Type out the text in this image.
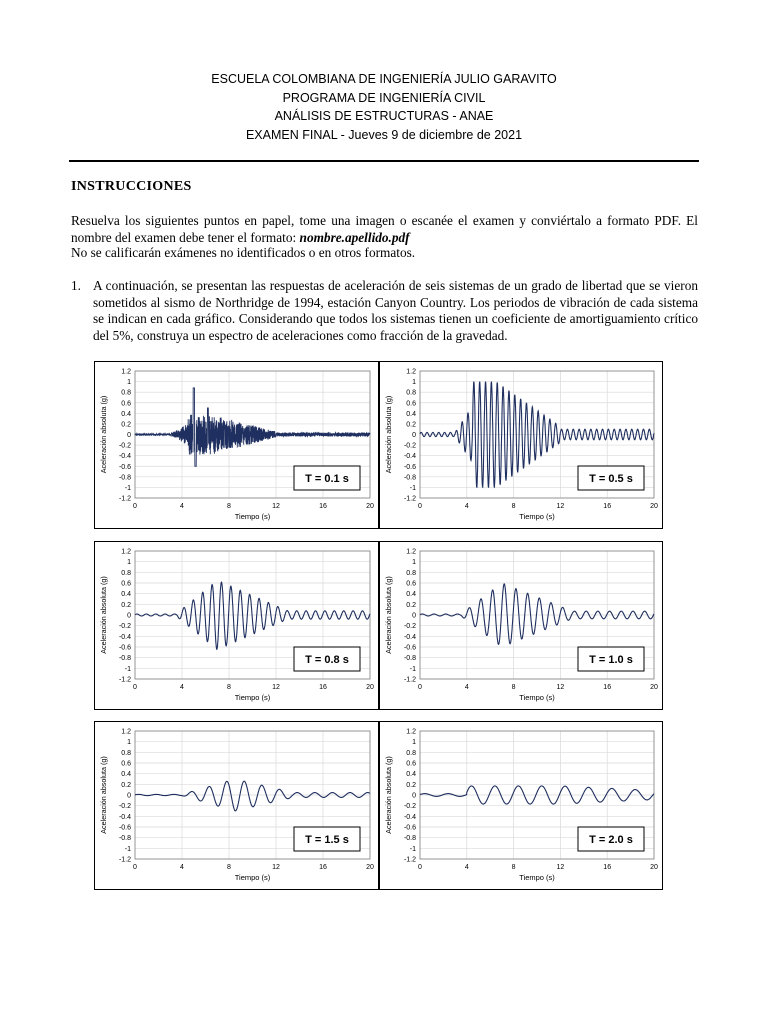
ESCUELA COLOMBIANA DE INGENIERÍA JULIO GARAVITO
PROGRAMA DE INGENIERÍA CIVIL
ANÁLISIS DE ESTRUCTURAS - ANAE
EXAMEN FINAL - Jueves 9 de diciembre de 2021
INSTRUCCIONES
Resuelva los siguientes puntos en papel, tome una imagen o escanée el examen y conviértalo a formato PDF. El nombre del examen debe tener el formato: nombre.apellido.pdf
No se calificarán exámenes no identificados o en otros formatos.
1. A continuación, se presentan las respuestas de aceleración de seis sistemas de un grado de libertad que se vieron sometidos al sismo de Northridge de 1994, estación Canyon Country. Los periodos de vibración de cada sistema se indican en cada gráfico. Considerando que todos los sistemas tienen un coeficiente de amortiguamiento crítico del 5%, construya un espectro de aceleraciones como fracción de la gravedad.
1.2
1
0.8
0.6
0.4
0.2
0
-0.2
-0.4
-0.6
-0.8
-1
-1.2
0	4	8	12	16	20
Tiempo (s)
Aceleración absoluta (g)
T = 0.1 s
1.2
1
0.8
0.6
0.4
0.2
0
-0.2
-0.4
-0.6
-0.8
-1
-1.2
0	4	8	12	16	20
Tiempo (s)
Aceleración absoluta (g)
T = 0.5 s
1.2
1
0.8
0.6
0.4
0.2
0
-0.2
-0.4
-0.6
-0.8
-1
-1.2
0	4	8	12	16	20
Tiempo (s)
Aceleración absoluta (g)
T = 0.8 s
1.2
1
0.8
0.6
0.4
0.2
0
-0.2
-0.4
-0.6
-0.8
-1
-1.2
0	4	8	12	16	20
Tiempo (s)
Aceleración absoluta (g)
T = 1.0 s
1.2
1
0.8
0.6
0.4
0.2
0
-0.2
-0.4
-0.6
-0.8
-1
-1.2
0	4	8	12	16	20
Tiempo (s)
Aceleración absoluta (g)
T = 1.5 s
1.2
1
0.8
0.6
0.4
0.2
0
-0.2
-0.4
-0.6
-0.8
-1
-1.2
0	4	8	12	16	20
Tiempo (s)
Aceleración absoluta (g)
T = 2.0 s
